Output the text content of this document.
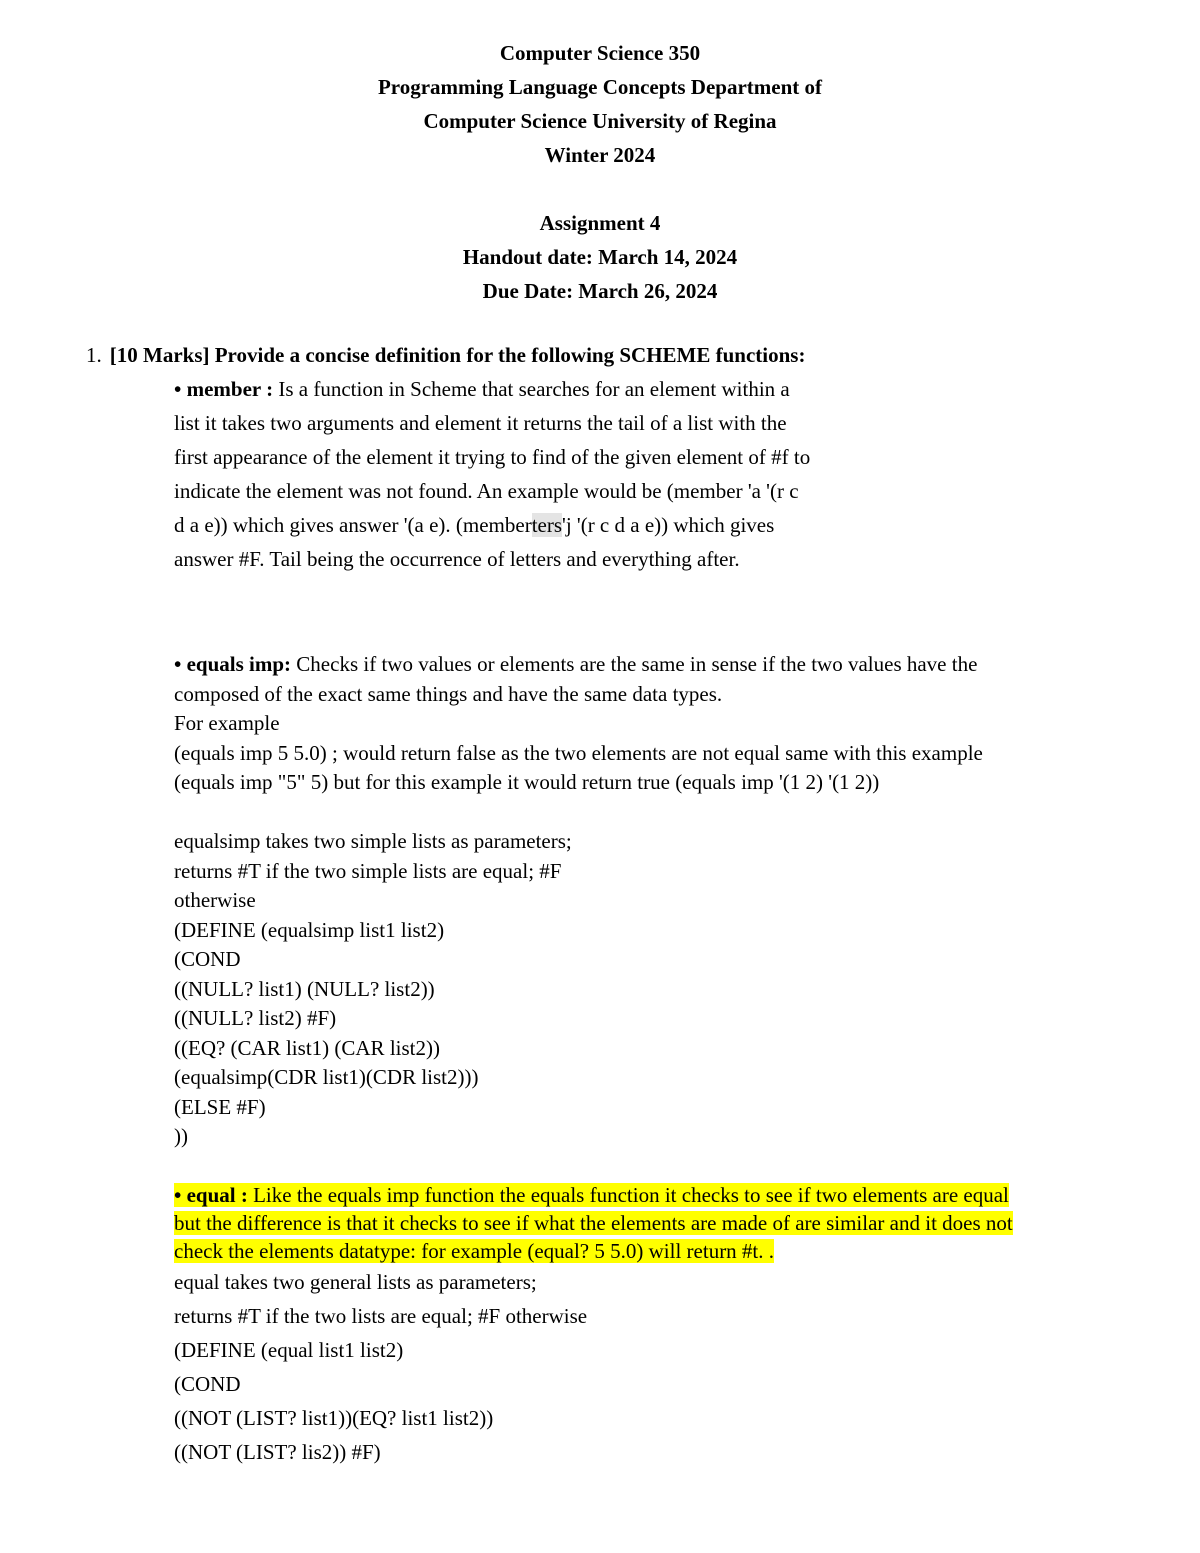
Computer Science 350
Programming Language Concepts Department of
Computer Science University of Regina
Winter 2024
Assignment 4
Handout date: March 14, 2024
Due Date: March 26, 2024
1. [10 Marks] Provide a concise definition for the following SCHEME functions:
• member : Is a function in Scheme that searches for an element within a
list it takes two arguments and element it returns the tail of a list with the
first appearance of the element it trying to find of the given element of #f to
indicate the element was not found. An example would be (member 'a '(r c
d a e)) which gives answer '(a e). (memberters'j '(r c d a e)) which gives
answer #F. Tail being the occurrence of letters and everything after.
• equals imp: Checks if two values or elements are the same in sense if the two values have the
composed of the exact same things and have the same data types.
For example
(equals imp 5 5.0) ; would return false as the two elements are not equal same with this example
(equals imp "5" 5) but for this example it would return true (equals imp '(1 2) '(1 2))
equalsimp takes two simple lists as parameters;
returns #T if the two simple lists are equal; #F
otherwise
(DEFINE (equalsimp list1 list2)
(COND
((NULL? list1) (NULL? list2))
((NULL? list2) #F)
((EQ? (CAR list1) (CAR list2))
(equalsimp(CDR list1)(CDR list2)))
(ELSE #F)
))
• equal : Like the equals imp function the equals function it checks to see if two elements are equal
but the difference is that it checks to see if what the elements are made of are similar and it does not
check the elements datatype: for example (equal? 5 5.0) will return #t. .
equal takes two general lists as parameters;
returns #T if the two lists are equal; #F otherwise
(DEFINE (equal list1 list2)
(COND
((NOT (LIST? list1))(EQ? list1 list2))
((NOT (LIST? lis2)) #F)
